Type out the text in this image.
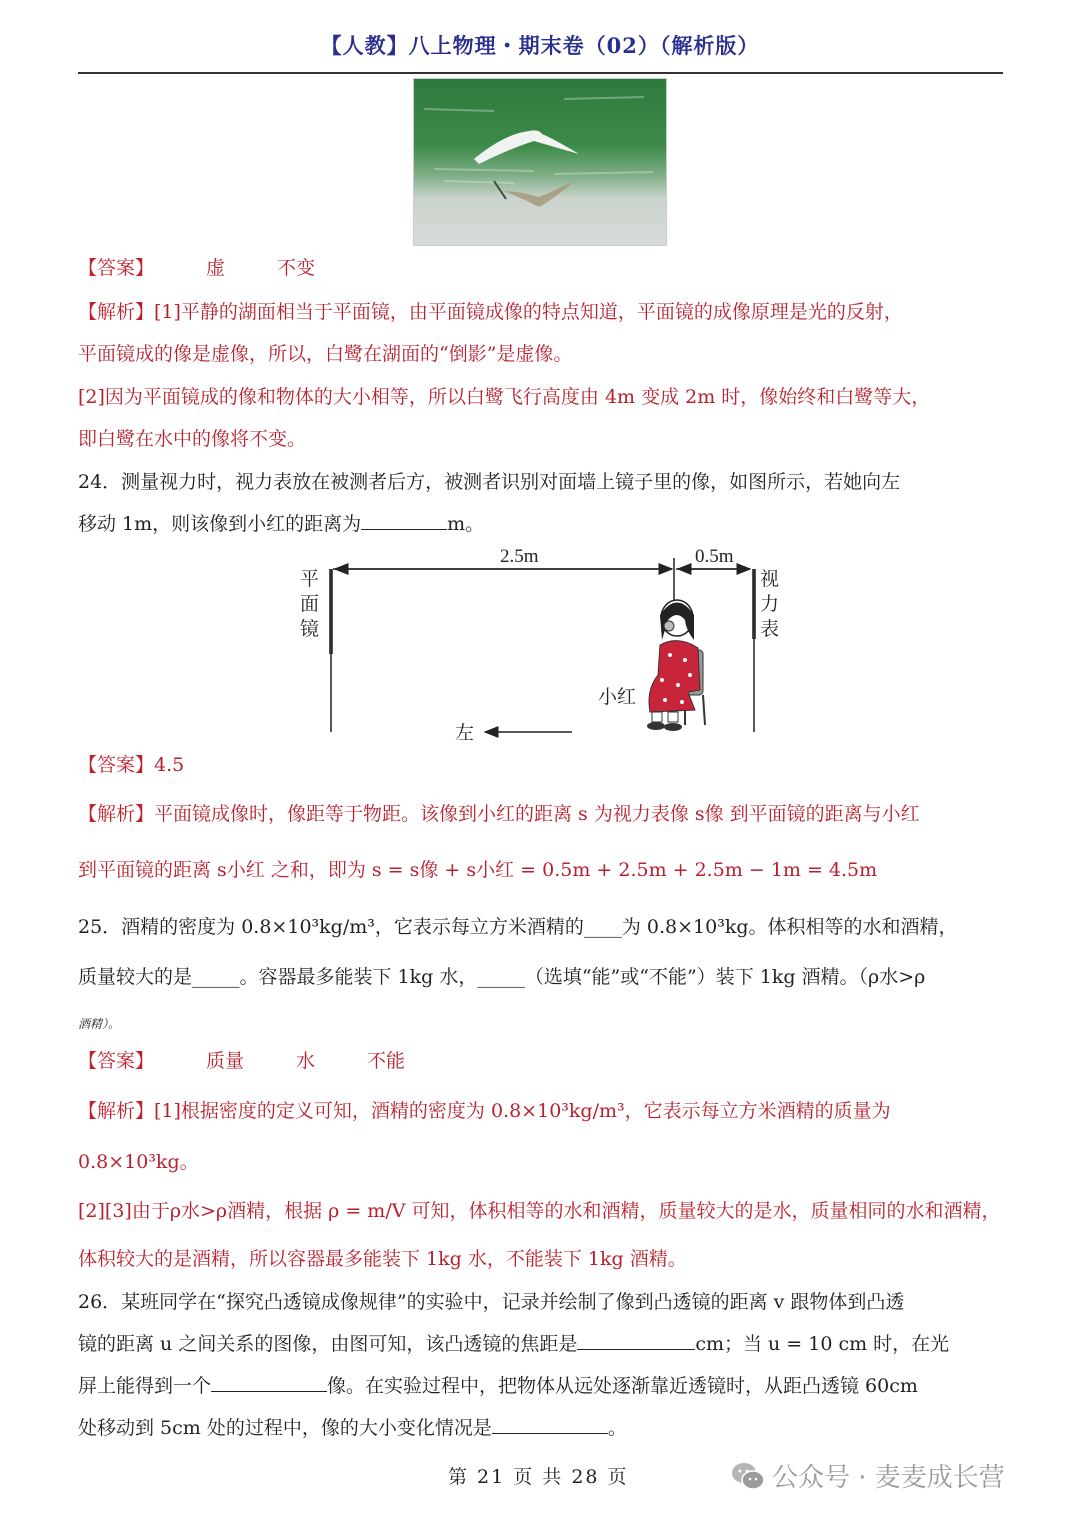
【人教】八上物理・期末卷（02）（解析版）
【答案】	虚	不变
【解析】[1]平静的湖面相当于平面镜，由平面镜成像的特点知道，平面镜的成像原理是光的反射，
平面镜成的像是虚像，所以，白鹭在湖面的“倒影”是虚像。
[2]因为平面镜成的像和物体的大小相等，所以白鹭飞行高度由 4m 变成 2m 时，像始终和白鹭等大，
即白鹭在水中的像将不变。
24．测量视力时，视力表放在被测者后方，被测者识别对面墙上镜子里的像，如图所示，若她向左
移动 1m，则该像到小红的距离为	m。
2.5m	0.5m
平
面
镜
视
力
表
小红
左
【答案】4.5
【解析】平面镜成像时，像距等于物距。该像到小红的距离 s 为视力表像 s像 到平面镜的距离与小红
到平面镜的距离 s小红 之和，即为 s = s像 + s小红 = 0.5m + 2.5m + 2.5m − 1m = 4.5m
25．酒精的密度为 0.8×10³kg/m³，它表示每立方米酒精的____为 0.8×10³kg。体积相等的水和酒精，
质量较大的是_____。容器最多能装下 1kg 水，_____（选填“能”或“不能”）装下 1kg 酒精。（ρ水>ρ
酒精）。
【答案】	质量	水	不能
【解析】[1]根据密度的定义可知，酒精的密度为 0.8×10³kg/m³，它表示每立方米酒精的质量为
0.8×10³kg。
[2][3]由于ρ水>ρ酒精，根据 ρ = m/V 可知，体积相等的水和酒精，质量较大的是水，质量相同的水和酒精，
体积较大的是酒精，所以容器最多能装下 1kg 水，不能装下 1kg 酒精。
26．某班同学在“探究凸透镜成像规律”的实验中，记录并绘制了像到凸透镜的距离 v 跟物体到凸透
镜的距离 u 之间关系的图像，由图可知，该凸透镜的焦距是	cm；当 u = 10 cm 时，在光
屏上能得到一个	像。在实验过程中，把物体从远处逐渐靠近透镜时，从距凸透镜 60cm
处移动到 5cm 处的过程中，像的大小变化情况是	。
第 21 页 共 28 页	公众号 · 麦麦成长营
